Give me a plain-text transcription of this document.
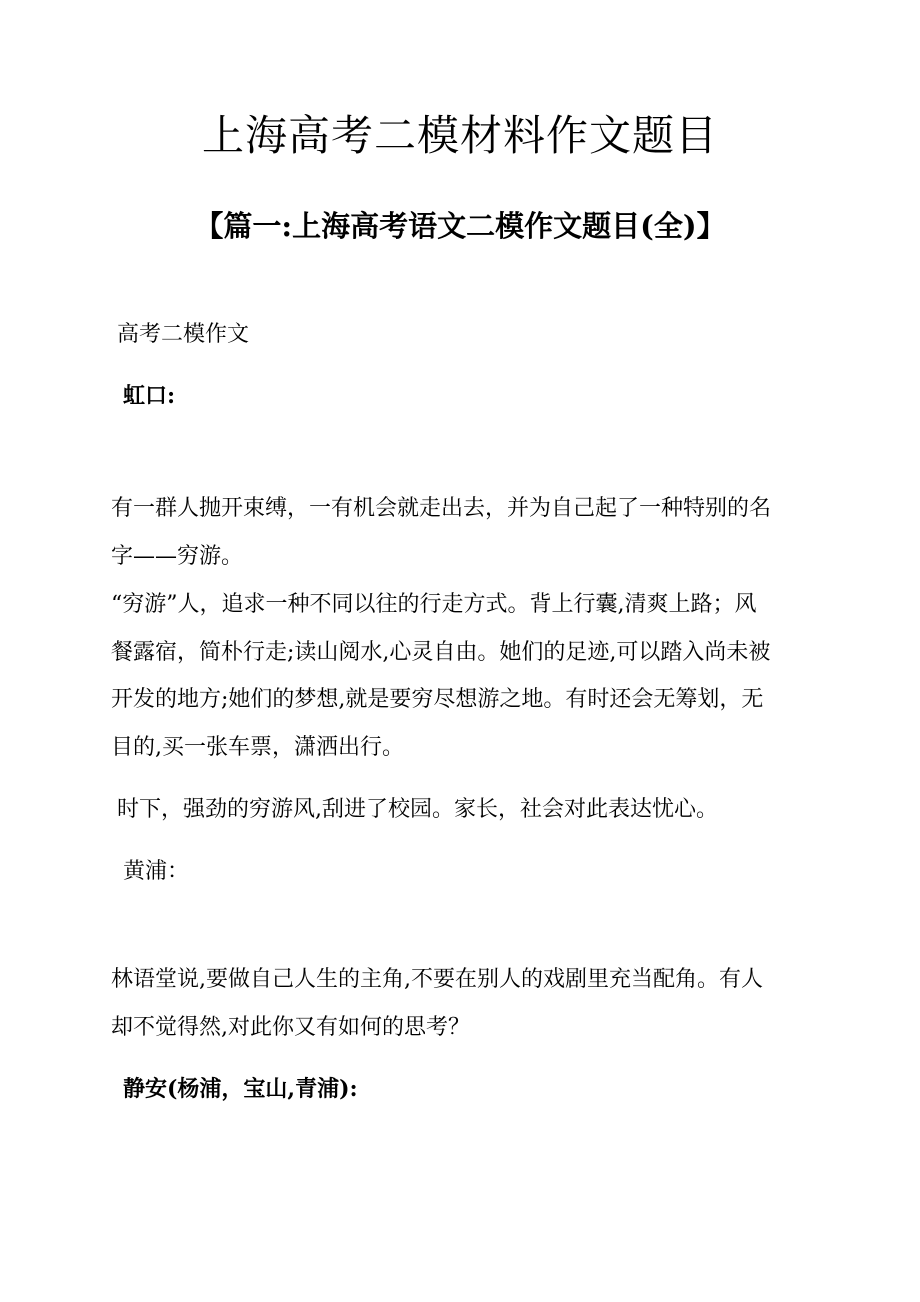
上海高考二模材料作文题目
【篇一:上海高考语文二模作文题目(全)】

高考二模作文

虹口:

有一群人抛开束缚，一有机会就走出去，并为自己起了一种特别的名

字——穷游。

“穷游”人，追求一种不同以往的行走方式。背上行囊,清爽上路；风

餐露宿，简朴行走;读山阅水,心灵自由。她们的足迹,可以踏入尚未被

开发的地方;她们的梦想,就是要穷尽想游之地。有时还会无筹划，无

目的,买一张车票，潇洒出行。

时下，强劲的穷游风,刮进了校园。家长，社会对此表达忧心。

黄浦：

林语堂说,要做自己人生的主角,不要在别人的戏剧里充当配角。有人

却不觉得然,对此你又有如何的思考？

静安(杨浦，宝山,青浦):
